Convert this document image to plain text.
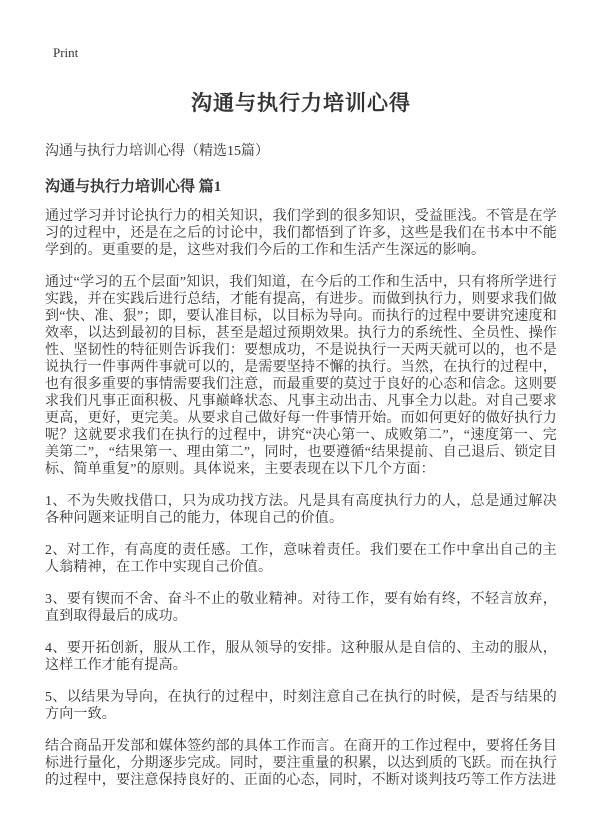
Print
沟通与执行力培训心得
沟通与执行力培训心得（精选15篇）
沟通与执行力培训心得 篇1

通过学习并讨论执行力的相关知识，我们学到的很多知识，受益匪浅。不管是在学习的过程中，还是在之后的讨论中，我们都悟到了许多，这些是我们在书本中不能学到的。更重要的是，这些对我们今后的工作和生活产生深远的影响。

通过“学习的五个层面”知识，我们知道，在今后的工作和生活中，只有将所学进行实践，并在实践后进行总结，才能有提高，有进步。而做到执行力，则要求我们做到“快、准、狠”；即，要认准目标，以目标为导向。而执行的过程中要讲究速度和效率，以达到最初的目标，甚至是超过预期效果。执行力的系统性、全员性、操作性、坚韧性的特征则告诉我们：要想成功，不是说执行一天两天就可以的，也不是说执行一件事两件事就可以的，是需要坚持不懈的执行。当然，在执行的过程中，也有很多重要的事情需要我们注意，而最重要的莫过于良好的心态和信念。这则要求我们凡事正面积极、凡事巅峰状态、凡事主动出击、凡事全力以赴。对自己要求更高，更好，更完美。从要求自己做好每一件事情开始。而如何更好的做好执行力呢？这就要求我们在执行的过程中，讲究“决心第一、成败第二”，“速度第一、完美第二”，“结果第一、理由第二”，同时，也要遵循“结果提前、自己退后、锁定目标、简单重复”的原则。具体说来，主要表现在以下几个方面：

1、不为失败找借口，只为成功找方法。凡是具有高度执行力的人，总是通过解决各种问题来证明自己的能力，体现自己的价值。

2、对工作，有高度的责任感。工作，意味着责任。我们要在工作中拿出自己的主人翁精神，在工作中实现自己价值。

3、要有锲而不舍、奋斗不止的敬业精神。对待工作，要有始有终，不轻言放弃，直到取得最后的成功。

4、要开拓创新，服从工作，服从领导的安排。这种服从是自信的、主动的服从，这样工作才能有提高。

5、以结果为导向，在执行的过程中，时刻注意自己在执行的时候，是否与结果的方向一致。

结合商品开发部和媒体签约部的具体工作而言。在商开的工作过程中，要将任务目标进行量化，分期逐步完成。同时，要注重量的积累，以达到质的飞跃。而在执行的过程中，要注意保持良好的、正面的心态，同时，不断对谈判技巧等工作方法进
